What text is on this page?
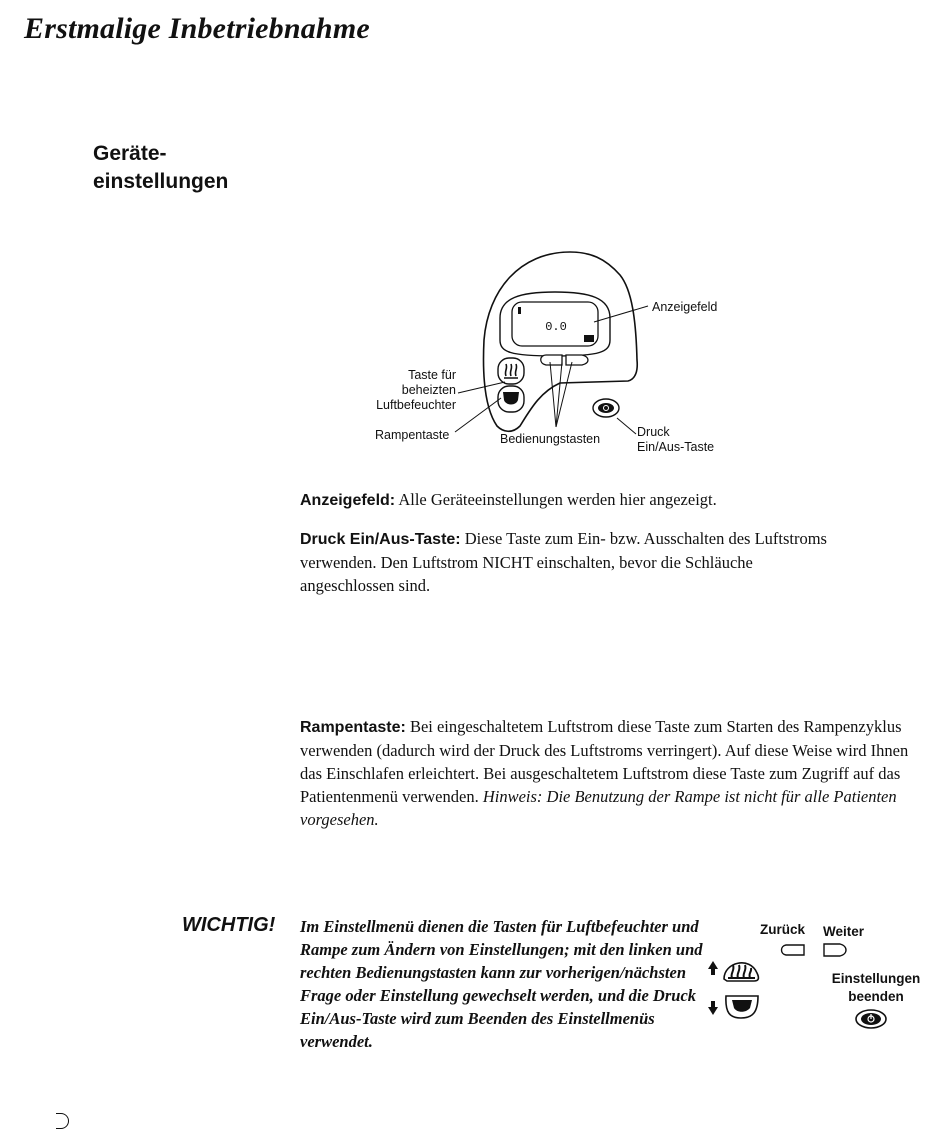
Erstmalige Inbetriebnahme
Geräte-
einstellungen
0.0
Anzeigefeld
Taste für
beheizten
Luftbefeuchter
Rampentaste	Bedienungstasten	Druck
Ein/Aus-Taste
Anzeigefeld: Alle Geräteeinstellungen werden hier angezeigt.
Druck Ein/Aus-Taste: Diese Taste zum Ein- bzw. Ausschalten des Luftstroms verwenden. Den Luftstrom NICHT einschalten, bevor die Schläuche angeschlossen sind.
Rampentaste: Bei eingeschaltetem Luftstrom diese Taste zum Starten des Rampenzyklus verwenden (dadurch wird der Druck des Luftstroms verringert). Auf diese Weise wird Ihnen das Einschlafen erleichtert. Bei ausgeschaltetem Luftstrom diese Taste zum Zugriff auf das Patientenmenü verwenden. Hinweis: Die Benutzung der Rampe ist nicht für alle Patienten vorgesehen.
WICHTIG! Im Einstellmenü dienen die Tasten für Luftbefeuchter und Rampe zum Ändern von Einstellungen; mit den linken und rechten Bedienungstasten kann zur vorherigen/nächsten Frage oder Einstellung gewechselt werden, und die Druck Ein/Aus-Taste wird zum Beenden des Einstellmenüs verwendet.
Zurück Weiter
Einstellungen
beenden
